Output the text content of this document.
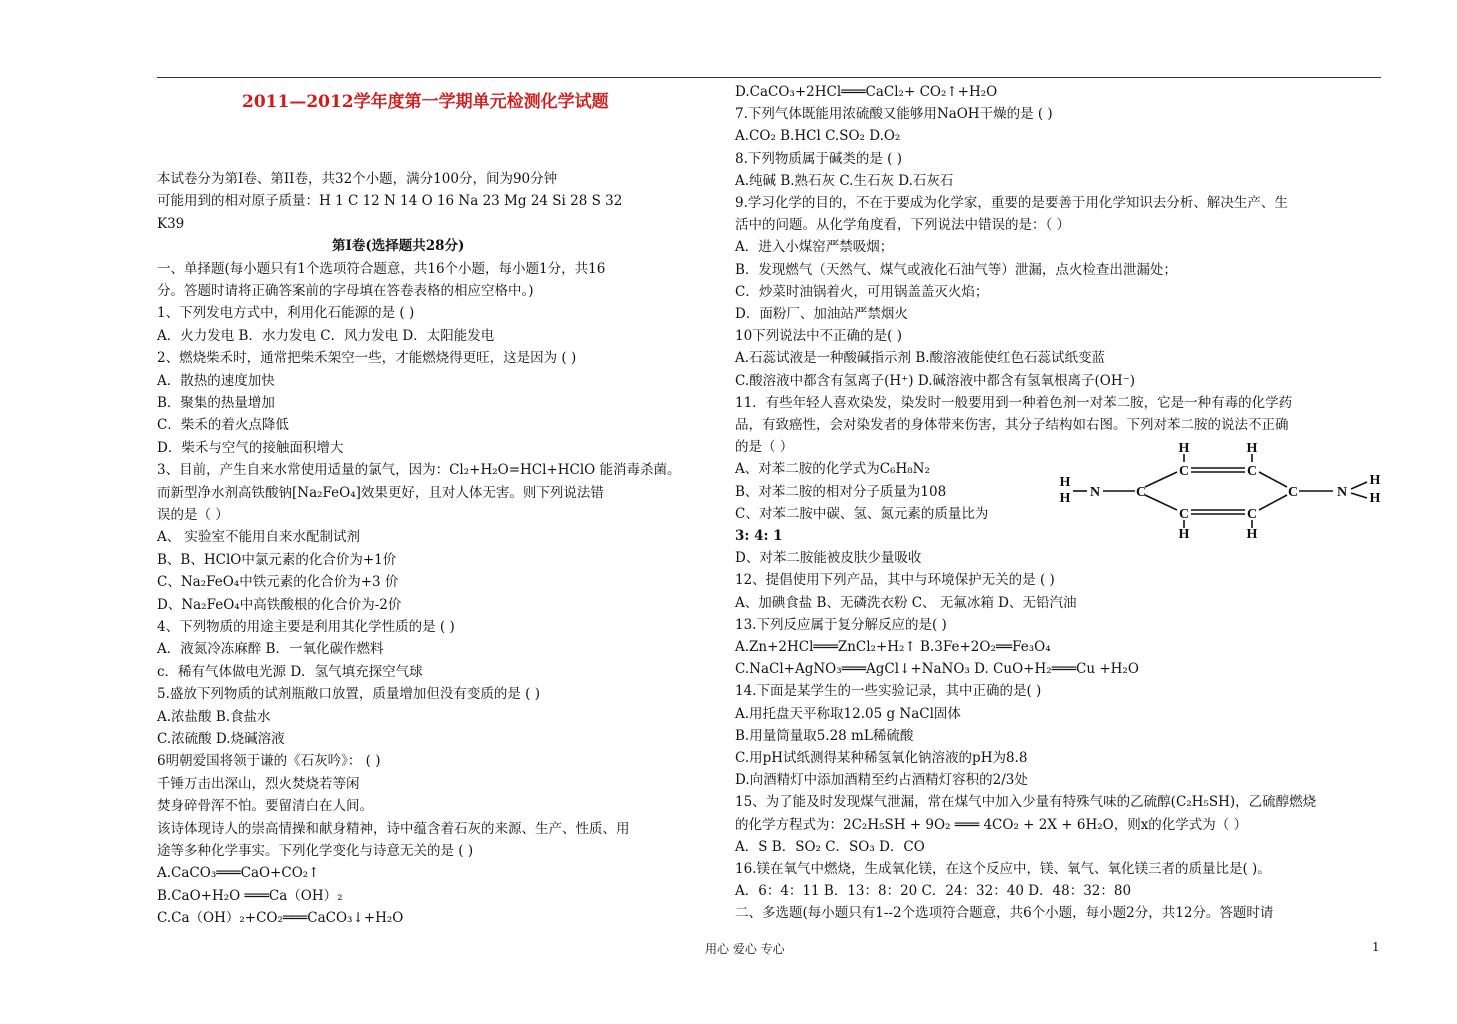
2011—2012学年度第一学期单元检测化学试题
本试卷分为第I卷、第II卷，共32个小题，满分100分，间为90分钟
可能用到的相对原子质量：H 1 C 12 N 14 O 16 Na 23 Mg 24 Si 28 S 32
K39
第Ⅰ卷(选择题共28分)
一、单择题(每小题只有1个选项符合题意，共16个小题，每小题1分，共16
分。答题时请将正确答案前的字母填在答卷表格的相应空格中。)
1、下列发电方式中，利用化石能源的是 ( )
A．火力发电 B．水力发电 C．风力发电 D．太阳能发电
2、燃烧柴禾时，通常把柴禾架空一些，才能燃烧得更旺，这是因为 ( )
A．散热的速度加快
B．聚集的热量增加
C．柴禾的着火点降低
D．柴禾与空气的接触面积增大
3、目前，产生自来水常使用适量的氯气，因为：Cl₂+H₂O=HCl+HClO 能消毒杀菌。
而新型净水剂高铁酸钠[Na₂FeO₄]效果更好，且对人体无害。则下列说法错
误的是（ ）
A、 实验室不能用自来水配制试剂
B、B、HClO中氯元素的化合价为+1价
C、Na₂FeO₄中铁元素的化合价为+3 价
D、Na₂FeO₄中高铁酸根的化合价为-2价
4、下列物质的用途主要是利用其化学性质的是 ( )
A．液氮冷冻麻醉 B．一氧化碳作燃料
c．稀有气体做电光源 D．氢气填充探空气球
5.盛放下列物质的试剂瓶敞口放置，质量增加但没有变质的是 ( )
A.浓盐酸 B.食盐水
C.浓硫酸 D.烧碱溶液
6明朝爱国将领于谦的《石灰吟》： ( )
千锤万击出深山，烈火焚烧若等闲
焚身碎骨浑不怕。要留清白在人间。
该诗体现诗人的崇高情操和献身精神，诗中蕴含着石灰的来源、生产、性质、用
途等多种化学事实。下列化学变化与诗意无关的是 ( )
A.CaCO₃═══CaO+CO₂↑
B.CaO+H₂O ═══Ca（OH）₂
C.Ca（OH）₂+CO₂═══CaCO₃↓+H₂O
D.CaCO₃+2HCl═══CaCl₂+ CO₂↑+H₂O
7.下列气体既能用浓硫酸又能够用NaOH干燥的是 ( )
A.CO₂ B.HCl C.SO₂ D.O₂
8.下列物质属于碱类的是 ( )
A.纯碱 B.熟石灰 C.生石灰 D.石灰石
9.学习化学的目的，不在于要成为化学家，重要的是要善于用化学知识去分析、解决生产、生
活中的问题。从化学角度看，下列说法中错误的是：（ ）
A．进入小煤窑严禁吸烟；
B．发现燃气（天然气、煤气或液化石油气等）泄漏，点火检查出泄漏处；
C．炒菜时油锅着火，可用锅盖盖灭火焰；
D．面粉厂、加油站严禁烟火
10下列说法中不正确的是( )
A.石蕊试液是一种酸碱指示剂 B.酸溶液能使红色石蕊试纸变蓝
C.酸溶液中都含有氢离子(H⁺) D.碱溶液中都含有氢氧根离子(OH⁻)
11．有些年轻人喜欢染发，染发时一般要用到一种着色剂一对苯二胺，它是一种有毒的化学药
品，有致癌性，会对染发者的身体带来伤害，其分子结构如右图。下列对苯二胺的说法不正确
的是（ ）
A、对苯二胺的化学式为C₆H₈N₂
B、对苯二胺的相对分子质量为108
C、对苯二胺中碳、氢、氮元素的质量比为
3: 4: 1
D、对苯二胺能被皮肤少量吸收
12、提倡使用下列产品，其中与环境保护无关的是 ( )
A、加碘食盐 B、无磷洗衣粉 C、 无氟冰箱 D、无铅汽油
13.下列反应属于复分解反应的是( )
A.Zn+2HCl═══ZnCl₂+H₂↑ B.3Fe+2O₂══Fe₃O₄
C.NaCl+AgNO₃═══AgCl↓+NaNO₃ D. CuO+H₂═══Cu +H₂O
14.下面是某学生的一些实验记录，其中正确的是( )
A.用托盘天平称取12.05 g NaCl固体
B.用量筒量取5.28 mL稀硫酸
C.用pH试纸测得某种稀氢氧化钠溶液的pH为8.8
D.向酒精灯中添加酒精至约占酒精灯容积的2/3处
15、为了能及时发现煤气泄漏，常在煤气中加入少量有特殊气味的乙硫醇(C₂H₅SH)，乙硫醇燃烧
的化学方程式为：2C₂H₅SH + 9O₂ ═══ 4CO₂ + 2X + 6H₂O，则x的化学式为（ ）
A．S B．SO₂ C．SO₃ D．CO
16.镁在氧气中燃烧，生成氧化镁，在这个反应中，镁、氧气、氧化镁三者的质量比是( )。
A．6：4：11 B．13：8：20 C．24：32：40 D．48：32：80
二、多选题(每小题只有1--2个选项符合题意，共6个小题，每小题2分，共12分。答题时请
H
H N	C
C
C
H
H
C
C
C	N
H
H
H
H
用心 爱心 专心	1
